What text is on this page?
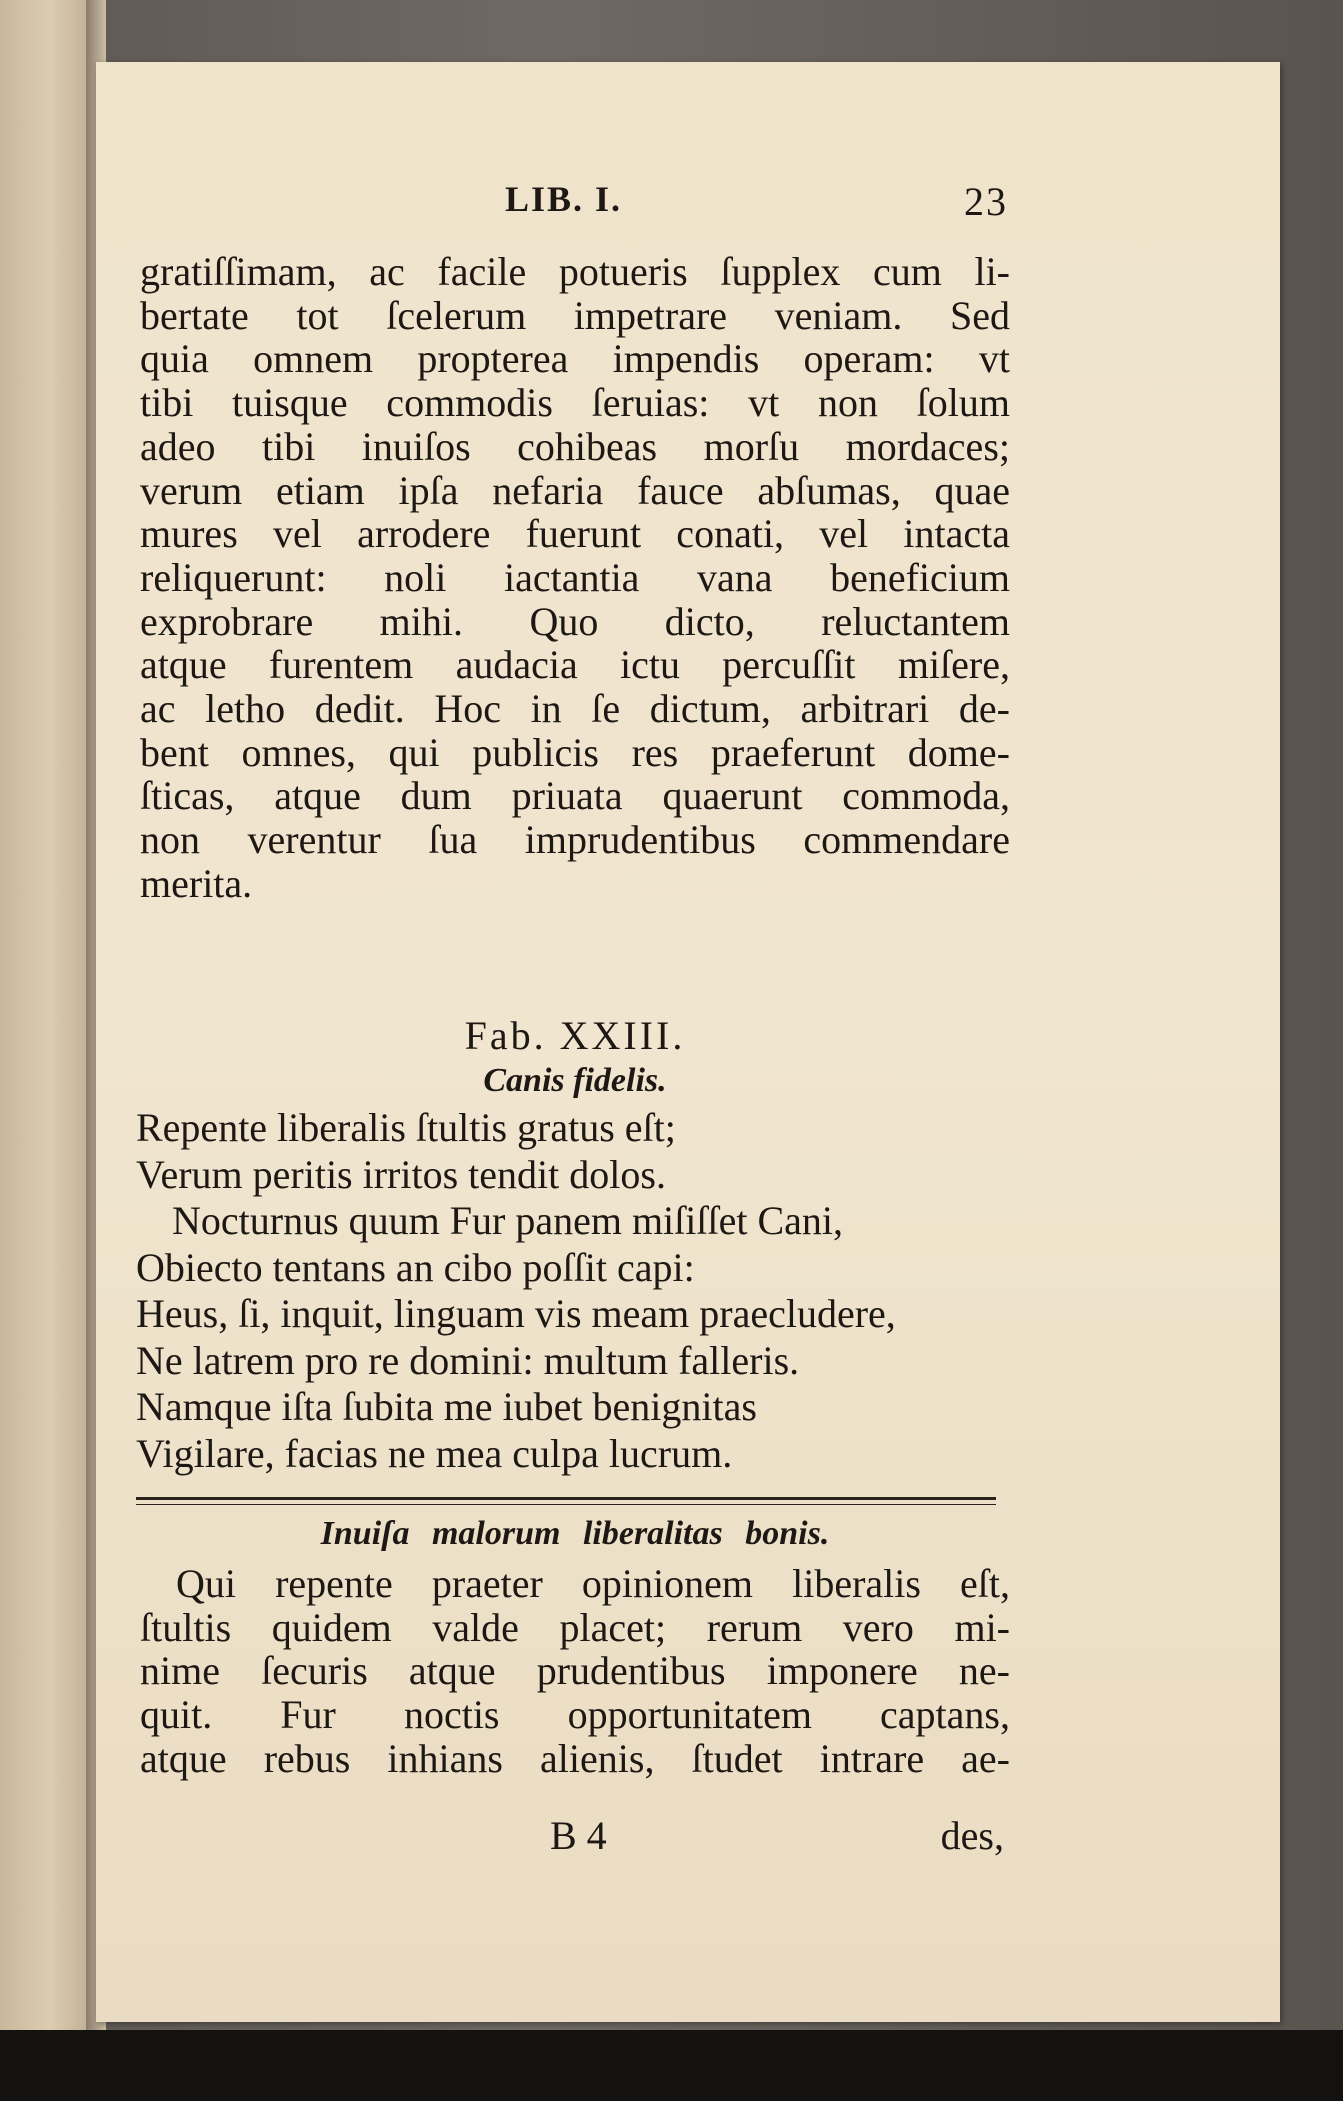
LIB. I.	23
gratiſſimam, ac facile potueris ſupplex cum li-
bertate tot ſcelerum impetrare veniam. Sed
quia omnem propterea impendis operam: vt
tibi tuisque commodis ſeruias: vt non ſolum
adeo tibi inuiſos cohibeas morſu mordaces;
verum etiam ipſa nefaria fauce abſumas, quae
mures vel arrodere fuerunt conati, vel intacta
reliquerunt: noli iactantia vana beneficium
exprobrare mihi. Quo dicto, reluctantem
atque furentem audacia ictu percuſſit miſere,
ac letho dedit. Hoc in ſe dictum, arbitrari de-
bent omnes, qui publicis res praeferunt dome-
ſticas, atque dum priuata quaerunt commoda,
non verentur ſua imprudentibus commendare
merita.
Fab. XXIII.
Canis fidelis.
Repente liberalis ſtultis gratus eſt;
Verum peritis irritos tendit dolos.
Nocturnus quum Fur panem miſiſſet Cani,
Obiecto tentans an cibo poſſit capi:
Heus, ſi, inquit, linguam vis meam praecludere,
Ne latrem pro re domini: multum falleris.
Namque iſta ſubita me iubet benignitas
Vigilare, facias ne mea culpa lucrum.
Inuiſa malorum liberalitas bonis.
Qui repente praeter opinionem liberalis eſt,
ſtultis quidem valde placet; rerum vero mi-
nime ſecuris atque prudentibus imponere ne-
quit. Fur noctis opportunitatem captans,
atque rebus inhians alienis, ſtudet intrare ae-
B 4	des,
